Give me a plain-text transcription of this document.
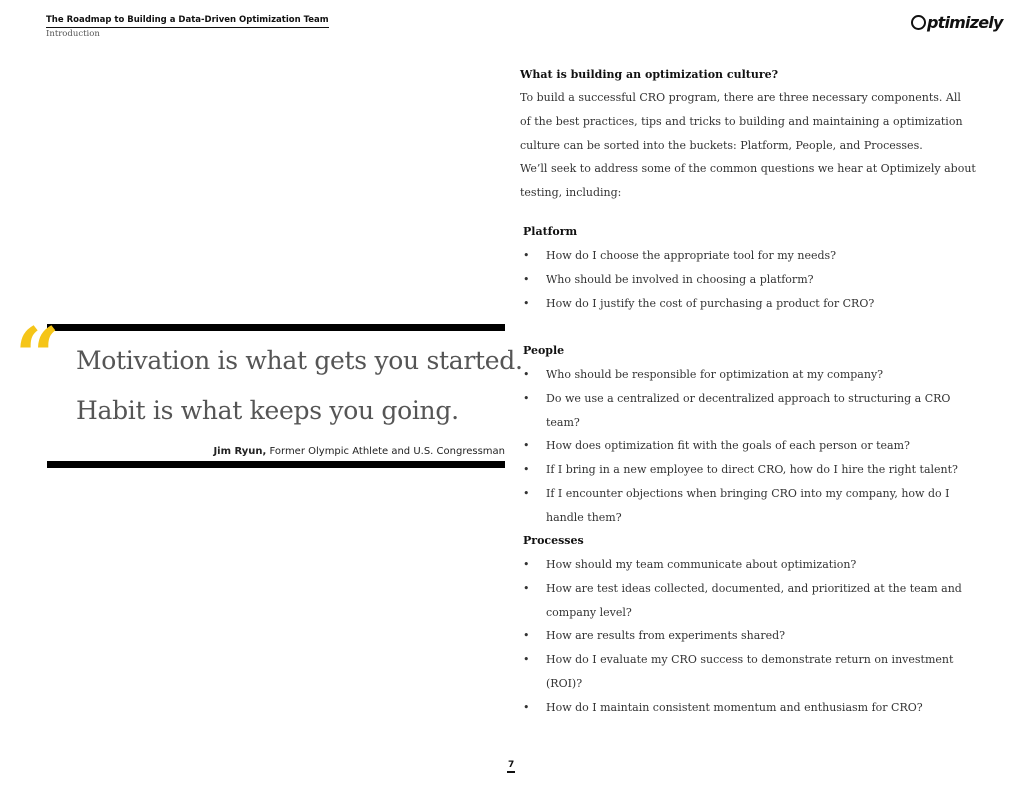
The Roadmap to Building a Data-Driven Optimization Team
Introduction
ptimizely
“ Motivation is what gets you started.
Habit is what keeps you going.
Jim Ryun, Former Olympic Athlete and U.S. Congressman
What is building an optimization culture?
To build a successful CRO program, there are three necessary components. All
of the best practices, tips and tricks to building and maintaining a optimization
culture can be sorted into the buckets: Platform, People, and Processes.
We’ll seek to address some of the common questions we hear at Optimizely about
testing, including:
Platform
• How do I choose the appropriate tool for my needs?
• Who should be involved in choosing a platform?
• How do I justify the cost of purchasing a product for CRO?
People
• Who should be responsible for optimization at my company?
• Do we use a centralized or decentralized approach to structuring a CRO team?
• How does optimization fit with the goals of each person or team?
• If I bring in a new employee to direct CRO, how do I hire the right talent?
• If I encounter objections when bringing CRO into my company, how do I
handle them?
Processes
• How should my team communicate about optimization?
• How are test ideas collected, documented, and prioritized at the team and
company level?
• How are results from experiments shared?
• How do I evaluate my CRO success to demonstrate return on investment
(ROI)?
• How do I maintain consistent momentum and enthusiasm for CRO?
7
